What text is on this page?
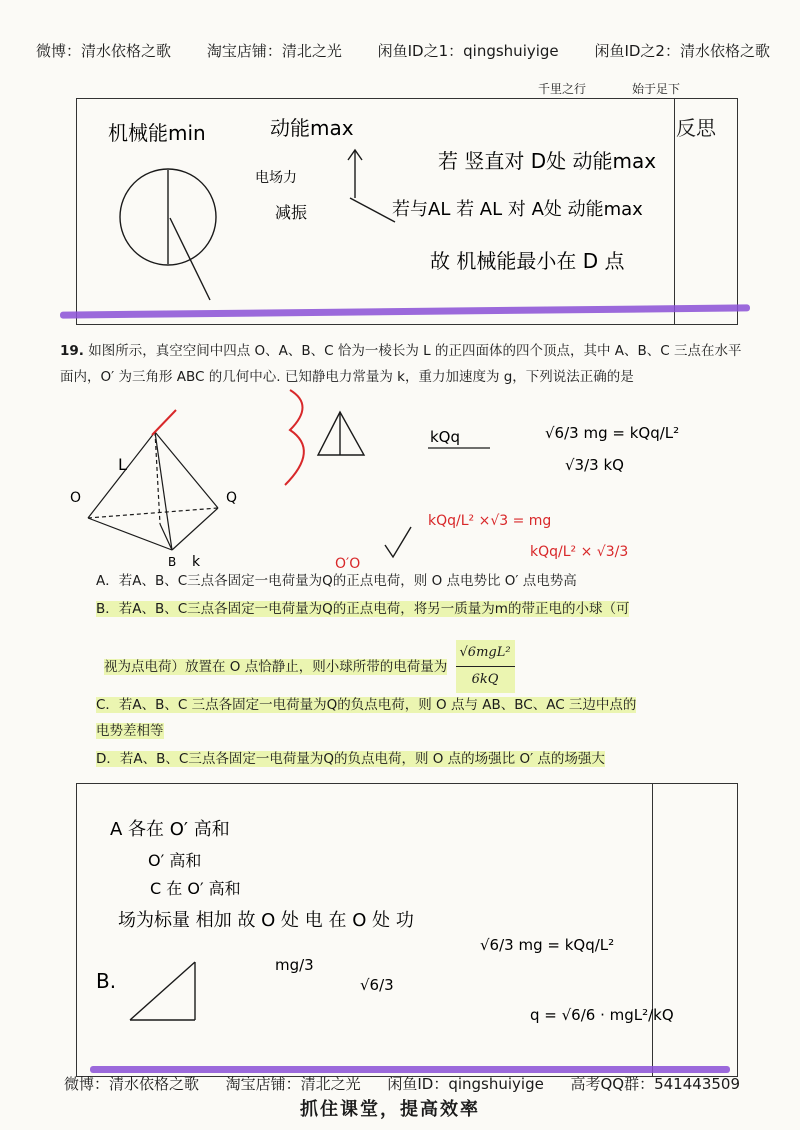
微博：清水依格之歌 淘宝店铺：清北之光 闲鱼ID之1：qingshuiyige 闲鱼ID之2：清水依格之歌
千里之行	始于足下
反思
19. 如图所示，真空空间中四点 O、A、B、C 恰为一棱长为 L 的正四面体的四个顶点，其中 A、B、C 三点在水平面内，O′ 为三角形 ABC 的几何中心. 已知静电力常量为 k，重力加速度为 g，下列说法正确的是
A．若A、B、C三点各固定一电荷量为Q的正点电荷，则 O 点电势比 O′ 点电势高
B．若A、B、C三点各固定一电荷量为Q的正点电荷，将另一质量为m的带正电的小球（可
视为点电荷）放置在 O 点恰静止，则小球所带的电荷量为 $\frac{\text{√6mgL²}}{6kQ}$
C．若A、B、C 三点各固定一电荷量为Q的负点电荷，则 O 点与 AB、BC、AC 三边中点的
电势差相等
D．若A、B、C三点各固定一电荷量为Q的负点电荷，则 O 点的场强比 O′ 点的场强大
机械能min	动能max
电场力
减振
若 竖直对 D处 动能max
若与AL 若 AL 对 A处 动能max
故 机械能最小在 D 点
L
B
Q
k
O
O′O
kQq	√6/3 mg = kQq/L²
√3/3 kQ
kQq/L² ×√3 = mg
kQq/L² × √3/3
A 各在 O′ 高和
O′ 高和
C 在 O′ 高和
场为标量 相加 故 O 处 电 在 O 处 功
B.
mg/3
√6/3
√6/3 mg = kQq/L²
q = √6/6 · mgL²/kQ
微博：清水依格之歌 淘宝店铺：清北之光 闲鱼ID：qingshuiyige 高考QQ群：541443509
抓住课堂，提高效率
